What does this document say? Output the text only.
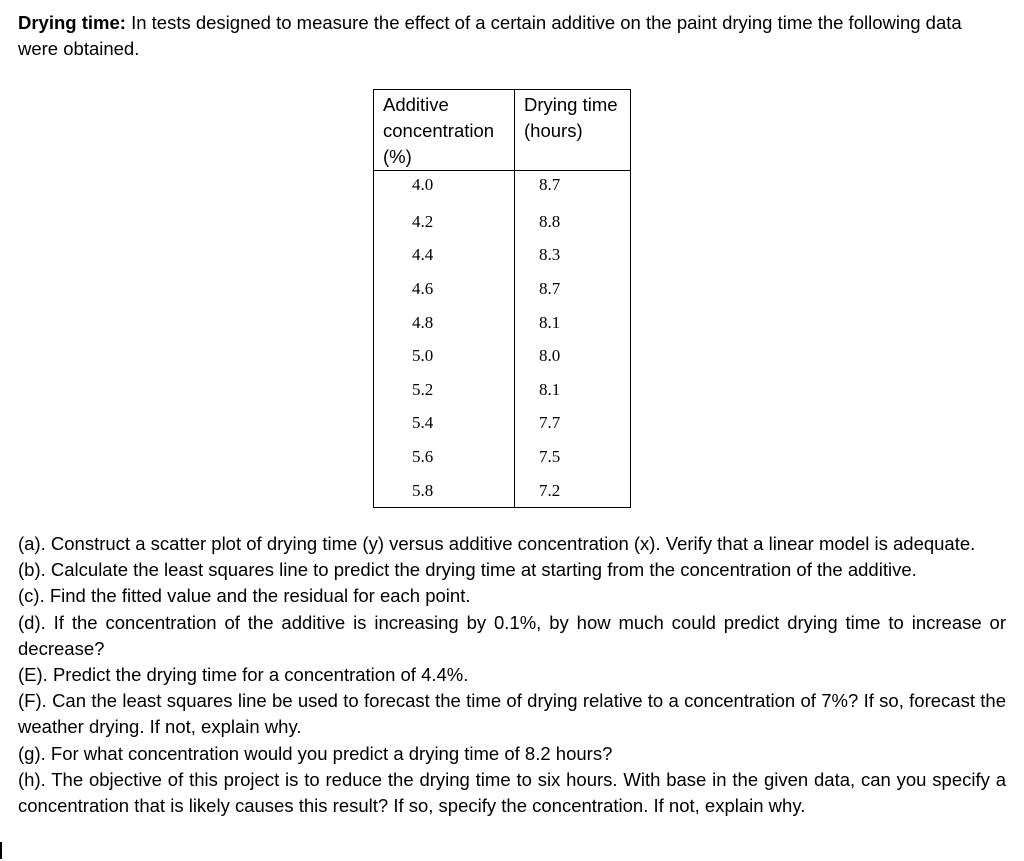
Drying time: In tests designed to measure the effect of a certain additive on the paint drying time the following data were obtained.

Additive concentration (%)	Drying time (hours)
4.0	8.7
4.2	8.8
4.4	8.3
4.6	8.7
4.8	8.1
5.0	8.0
5.2	8.1
5.4	7.7
5.6	7.5
5.8	7.2

(a). Construct a scatter plot of drying time (y) versus additive concentration (x). Verify that a linear model is adequate.

(b). Calculate the least squares line to predict the drying time at starting from the concentration of the additive.

(c). Find the fitted value and the residual for each point.

(d). If the concentration of the additive is increasing by 0.1%, by how much could predict drying time to increase or decrease?

(E). Predict the drying time for a concentration of 4.4%.

(F). Can the least squares line be used to forecast the time of drying relative to a concentration of 7%? If so, forecast the weather drying. If not, explain why.

(g). For what concentration would you predict a drying time of 8.2 hours?

(h). The objective of this project is to reduce the drying time to six hours. With base in the given data, can you specify a concentration that is likely causes this result? If so, specify the concentration. If not, explain why.
